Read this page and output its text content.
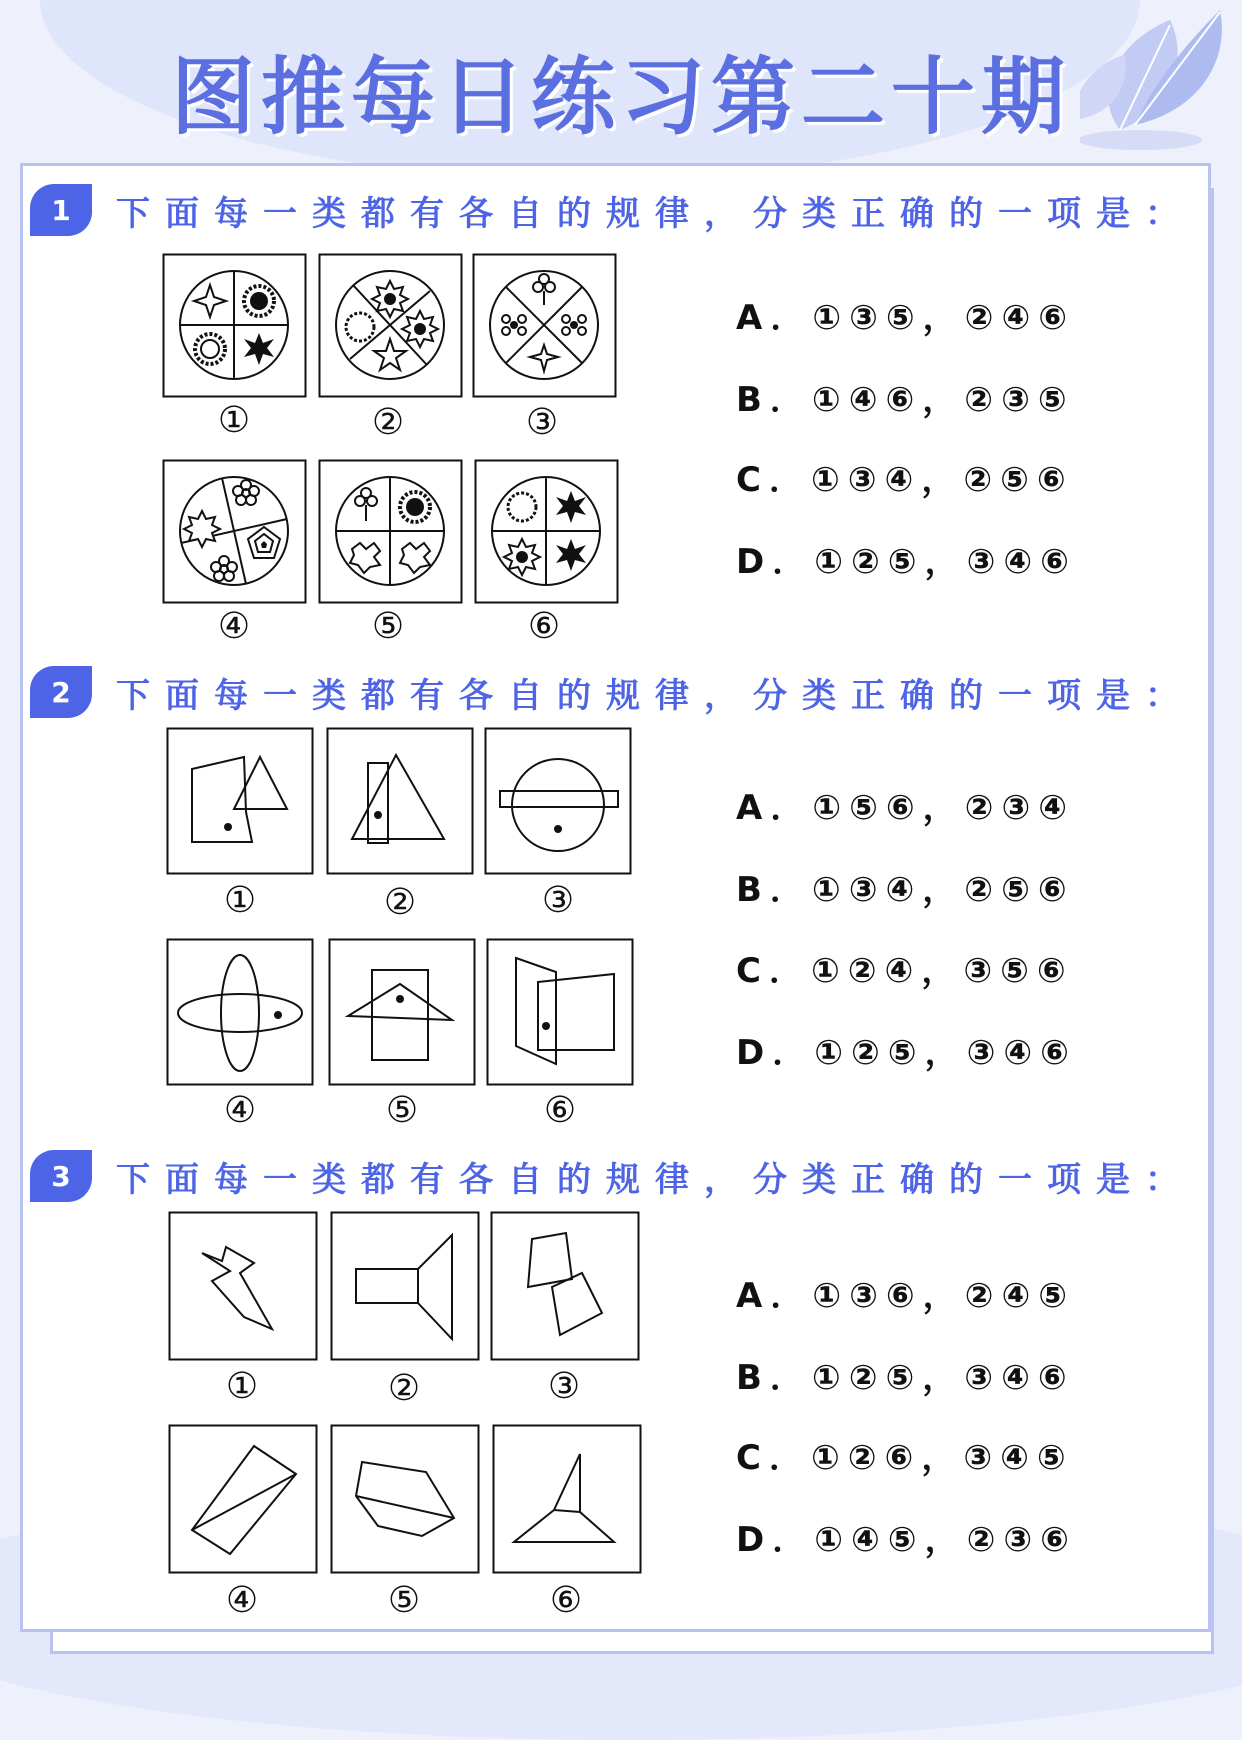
图推每日练习第二十期
1	下面每一类都有各自的规律，分类正确的一项是：
①	②	③
④	⑤	⑥
A．①③⑤，②④⑥
B．①④⑥，②③⑤
C．①③④，②⑤⑥
D．①②⑤，③④⑥
2	下面每一类都有各自的规律，分类正确的一项是：
①	②	③
④	⑤	⑥
A．①⑤⑥，②③④
B．①③④，②⑤⑥
C．①②④，③⑤⑥
D．①②⑤，③④⑥
3	下面每一类都有各自的规律，分类正确的一项是：
①	②	③
④	⑤	⑥
A．①③⑥，②④⑤
B．①②⑤，③④⑥
C．①②⑥，③④⑤
D．①④⑤，②③⑥
